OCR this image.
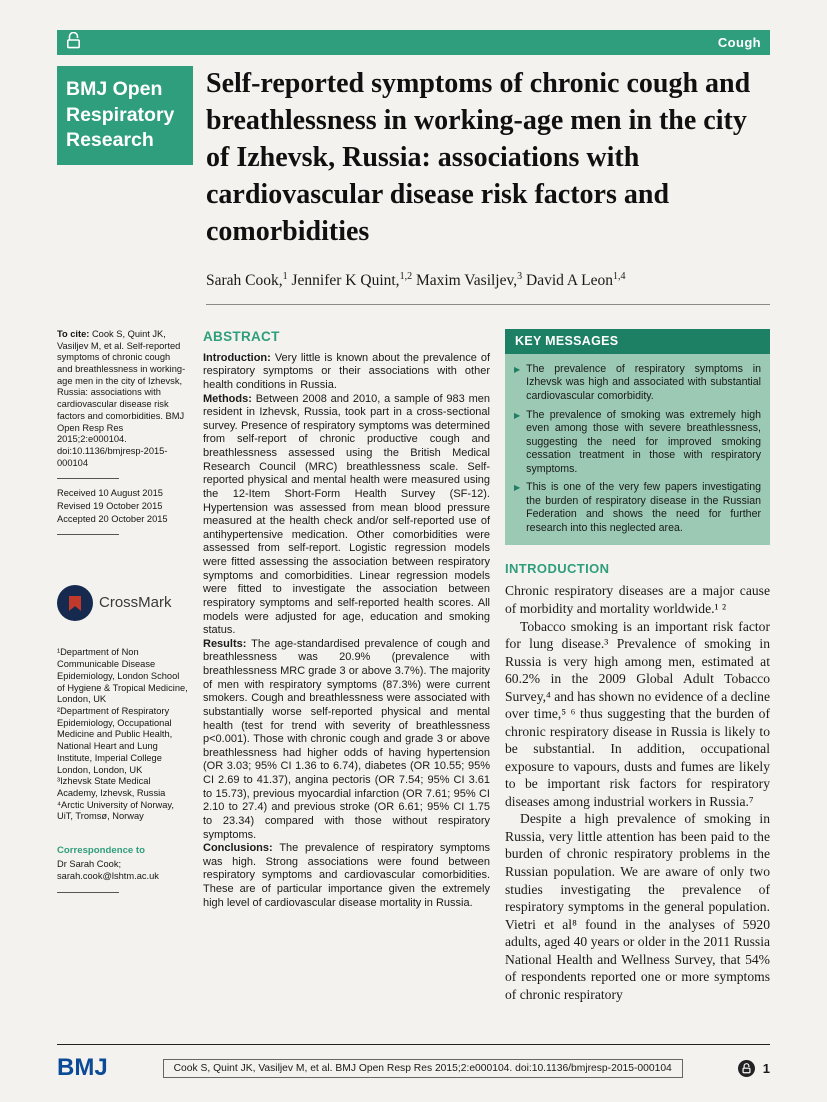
Cough
BMJ Open
Respiratory
Research
Self-reported symptoms of chronic cough and breathlessness in working-age men in the city of Izhevsk, Russia: associations with cardiovascular disease risk factors and comorbidities
Sarah Cook,$^1$ Jennifer K Quint,$^{1,2}$ Maxim Vasiljev,$^3$ David A Leon$^{1,4}$

To cite: Cook S, Quint JK, Vasiljev M, et al. Self-reported symptoms of chronic cough and breathlessness in working-age men in the city of Izhevsk, Russia: associations with cardiovascular disease risk factors and comorbidities. BMJ Open Resp Res 2015;2:e000104. doi:10.1136/bmjresp-2015-000104

Received 10 August 2015
Revised 19 October 2015
Accepted 20 October 2015
CrossMark

¹Department of Non Communicable Disease Epidemiology, London School of Hygiene & Tropical Medicine, London, UK

²Department of Respiratory Epidemiology, Occupational Medicine and Public Health, National Heart and Lung Institute, Imperial College London, London, UK

³Izhevsk State Medical Academy, Izhevsk, Russia

⁴Arctic University of Norway, UiT, Tromsø, Norway

Correspondence to
Dr Sarah Cook;
sarah.cook@lshtm.ac.uk
ABSTRACT

Introduction: Very little is known about the prevalence of respiratory symptoms or their associations with other health conditions in Russia.

Methods: Between 2008 and 2010, a sample of 983 men resident in Izhevsk, Russia, took part in a cross-sectional survey. Presence of respiratory symptoms was determined from self-report of chronic productive cough and breathlessness assessed using the British Medical Research Council (MRC) breathlessness scale. Self-reported physical and mental health were measured using the 12-Item Short-Form Health Survey (SF-12). Hypertension was assessed from mean blood pressure measured at the health check and/or self-reported use of antihypertensive medication. Other comorbidities were assessed from self-report. Logistic regression models were fitted assessing the association between respiratory symptoms and comorbidities. Linear regression models were fitted to investigate the association between respiratory symptoms and self-reported health scores. All models were adjusted for age, education and smoking status.

Results: The age-standardised prevalence of cough and breathlessness was 20.9% (prevalence with breathlessness MRC grade 3 or above 3.7%). The majority of men with respiratory symptoms (87.3%) were current smokers. Cough and breathlessness were associated with substantially worse self-reported physical and mental health (test for trend with severity of breathlessness p<0.001). Those with chronic cough and grade 3 or above breathlessness had higher odds of having hypertension (OR 3.03; 95% CI 1.36 to 6.74), diabetes (OR 10.55; 95% CI 2.69 to 41.37), angina pectoris (OR 7.54; 95% CI 3.61 to 15.73), previous myocardial infarction (OR 7.61; 95% CI 2.10 to 27.4) and previous stroke (OR 6.61; 95% CI 1.75 to 23.34) compared with those without respiratory symptoms.

Conclusions: The prevalence of respiratory symptoms was high. Strong associations were found between respiratory symptoms and cardiovascular comorbidities. These are of particular importance given the extremely high level of cardiovascular disease mortality in Russia.

KEY MESSAGES
▶ The prevalence of respiratory symptoms in Izhevsk was high and associated with substantial cardiovascular comorbidity.
▶ The prevalence of smoking was extremely high even among those with severe breathlessness, suggesting the need for improved smoking cessation treatment in those with respiratory symptoms.
▶ This is one of the very few papers investigating the burden of respiratory disease in the Russian Federation and shows the need for further research into this neglected area.
INTRODUCTION

Chronic respiratory diseases are a major cause of morbidity and mortality worldwide.¹ ²

Tobacco smoking is an important risk factor for lung disease.³ Prevalence of smoking in Russia is very high among men, estimated at 60.2% in the 2009 Global Adult Tobacco Survey,⁴ and has shown no evidence of a decline over time,⁵ ⁶ thus suggesting that the burden of chronic respiratory disease in Russia is likely to be substantial. In addition, occupational exposure to vapours, dusts and fumes are likely to be important risk factors for respiratory diseases among industrial workers in Russia.⁷

Despite a high prevalence of smoking in Russia, very little attention has been paid to the burden of chronic respiratory problems in the Russian population. We are aware of only two studies investigating the prevalence of respiratory symptoms in the general population. Vietri et al⁸ found in the analyses of 5920 adults, aged 40 years or older in the 2011 Russia National Health and Wellness Survey, that 54% of respondents reported one or more symptoms of chronic respiratory

BMJ	Cook S, Quint JK, Vasiljev M, et al. BMJ Open Resp Res 2015;2:e000104. doi:10.1136/bmjresp-2015-000104	1
